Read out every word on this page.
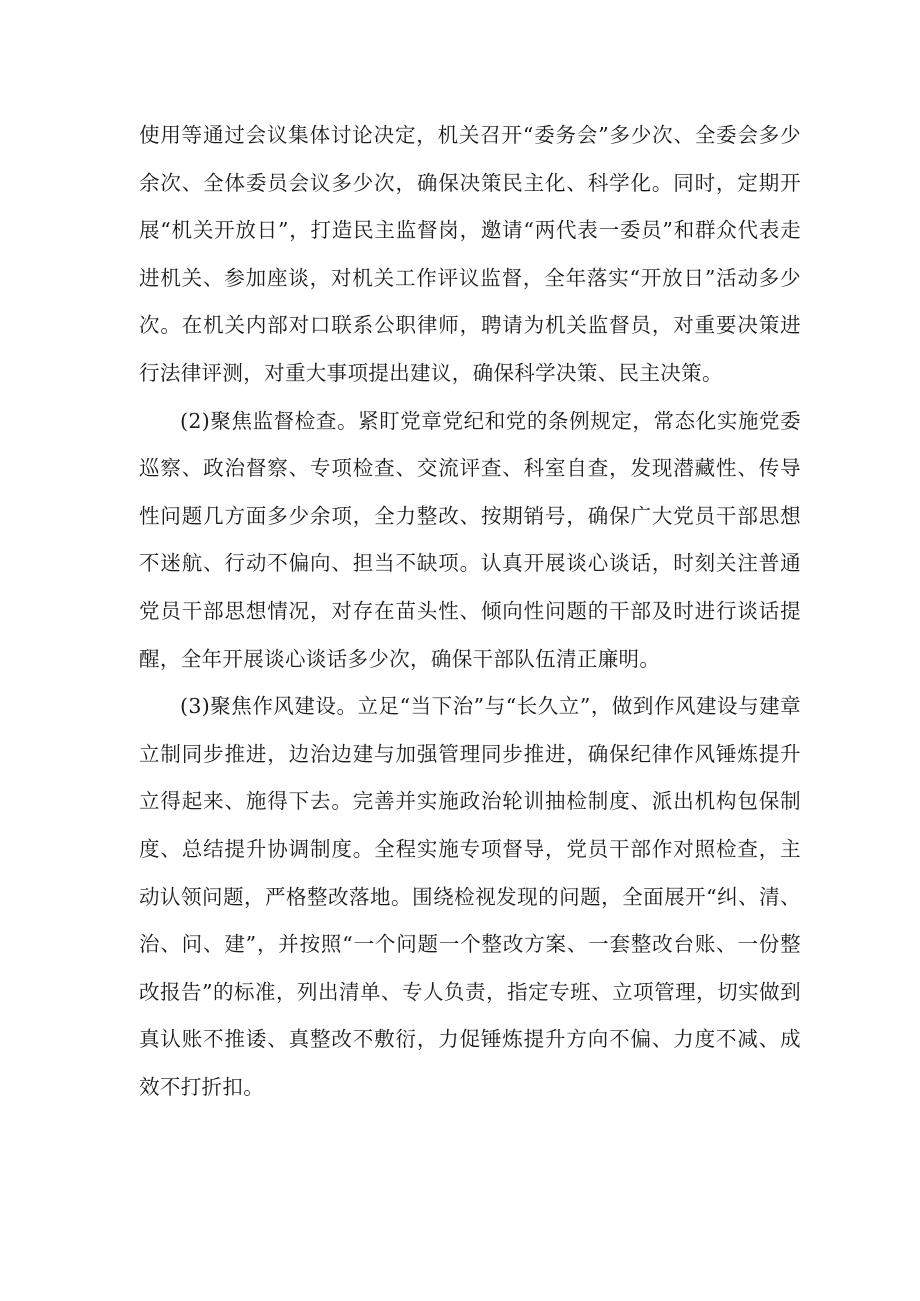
使用等通过会议集体讨论决定，机关召开“委务会”多少次、全委会多少余次、全体委员会议多少次，确保决策民主化、科学化。同时，定期开展“机关开放日”，打造民主监督岗，邀请“两代表一委员”和群众代表走进机关、参加座谈，对机关工作评议监督，全年落实“开放日”活动多少次。在机关内部对口联系公职律师，聘请为机关监督员，对重要决策进行法律评测，对重大事项提出建议，确保科学决策、民主决策。

(2)聚焦监督检查。紧盯党章党纪和党的条例规定，常态化实施党委巡察、政治督察、专项检查、交流评查、科室自查，发现潜藏性、传导性问题几方面多少余项，全力整改、按期销号，确保广大党员干部思想不迷航、行动不偏向、担当不缺项。认真开展谈心谈话，时刻关注普通党员干部思想情况，对存在苗头性、倾向性问题的干部及时进行谈话提醒，全年开展谈心谈话多少次，确保干部队伍清正廉明。

(3)聚焦作风建设。立足“当下治”与“长久立”，做到作风建设与建章立制同步推进，边治边建与加强管理同步推进，确保纪律作风锤炼提升立得起来、施得下去。完善并实施政治轮训抽检制度、派出机构包保制度、总结提升协调制度。全程实施专项督导，党员干部作对照检查，主动认领问题，严格整改落地。围绕检视发现的问题，全面展开“纠、清、治、问、建”，并按照“一个问题一个整改方案、一套整改台账、一份整改报告”的标准，列出清单、专人负责，指定专班、立项管理，切实做到真认账不推诿、真整改不敷衍，力促锤炼提升方向不偏、力度不减、成效不打折扣。
